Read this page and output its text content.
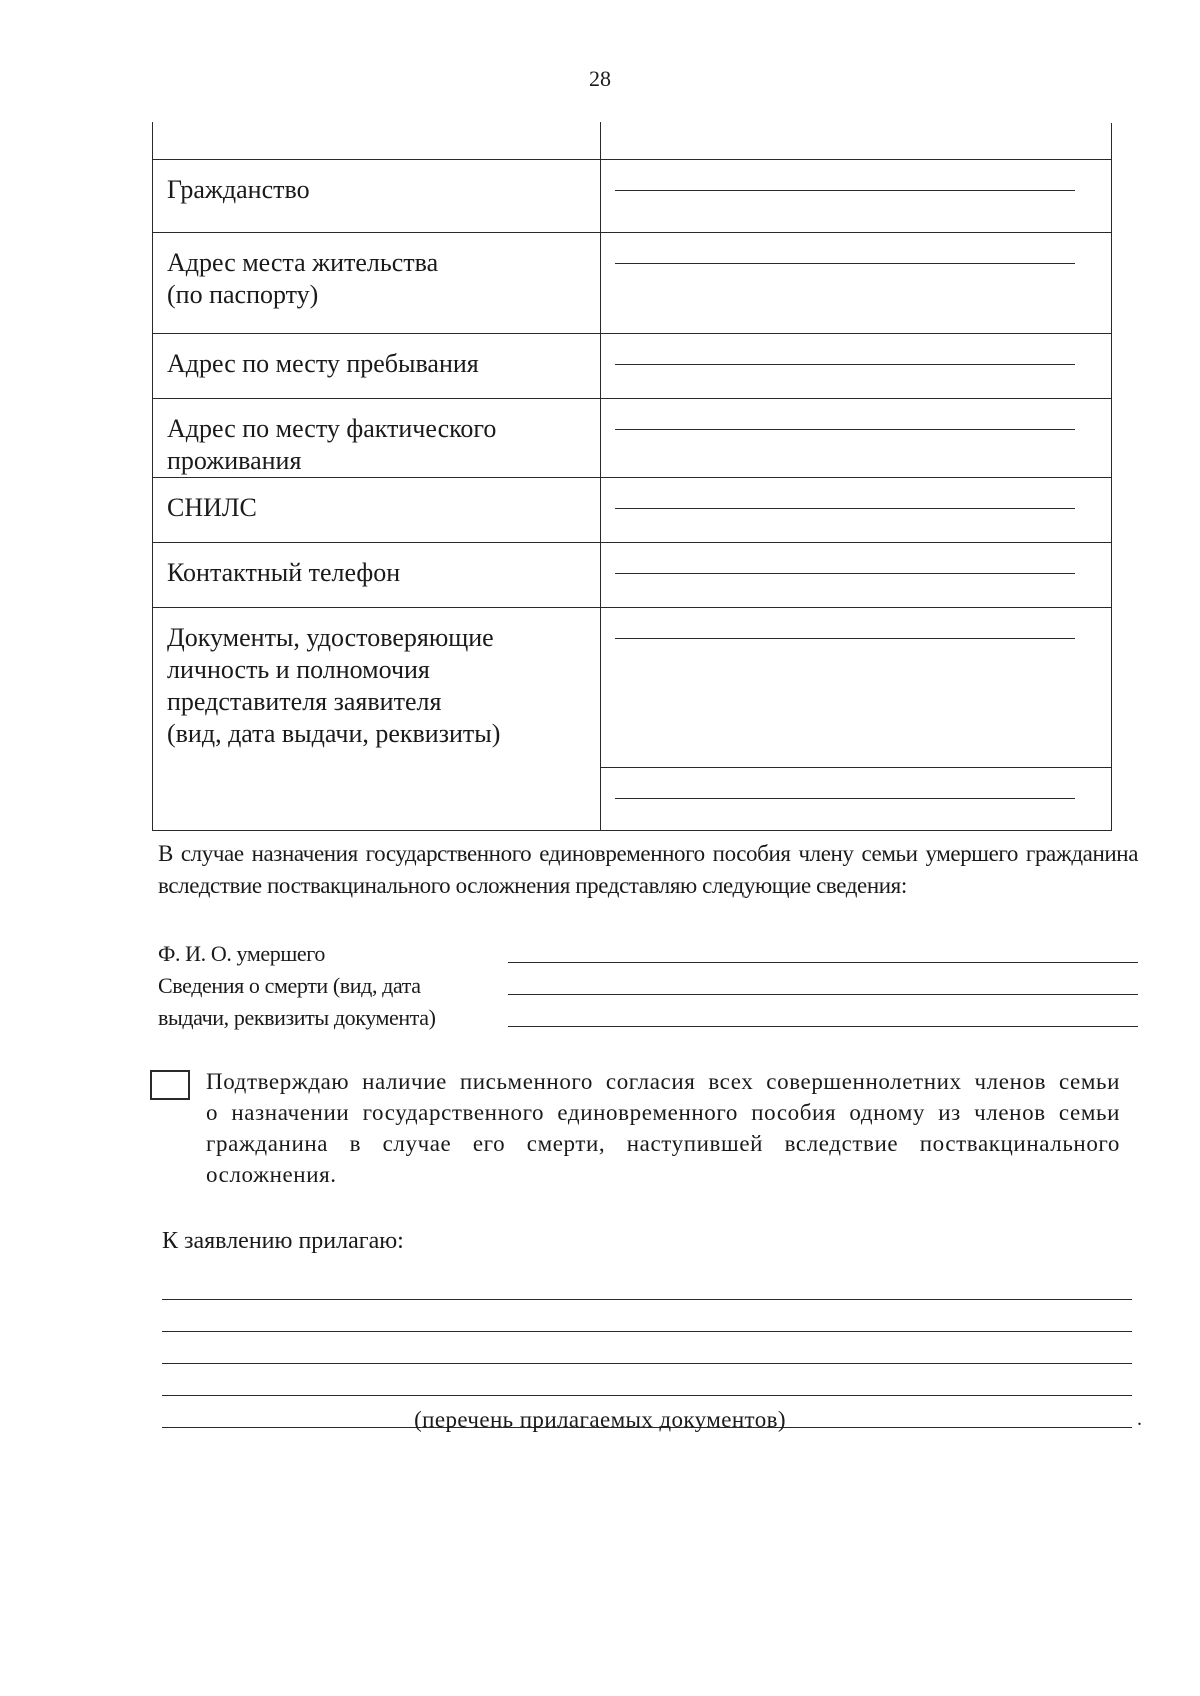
28

Гражданство	

Адрес места жительства
(по паспорту)	

Адрес по месту пребывания	

Адрес по месту фактического
проживания	

СНИЛС	

Контактный телефон	

Документы, удостоверяющие
личность и полномочия
представителя заявителя
(вид, дата выдачи, реквизиты)	

В случае назначения государственного единовременного пособия члену семьи умершего гражданина вследствие поствакцинального осложнения представляю следующие сведения:
Ф. И. О. умершего
Сведения о смерти (вид, дата
выдачи, реквизиты документа)
Подтверждаю наличие письменного согласия всех совершеннолетних членов семьи о назначении государственного единовременного пособия одному из членов семьи гражданина в случае его смерти, наступившей вследствие поствакцинального осложнения.
К заявлению прилагаю:
.
(перечень прилагаемых документов)
